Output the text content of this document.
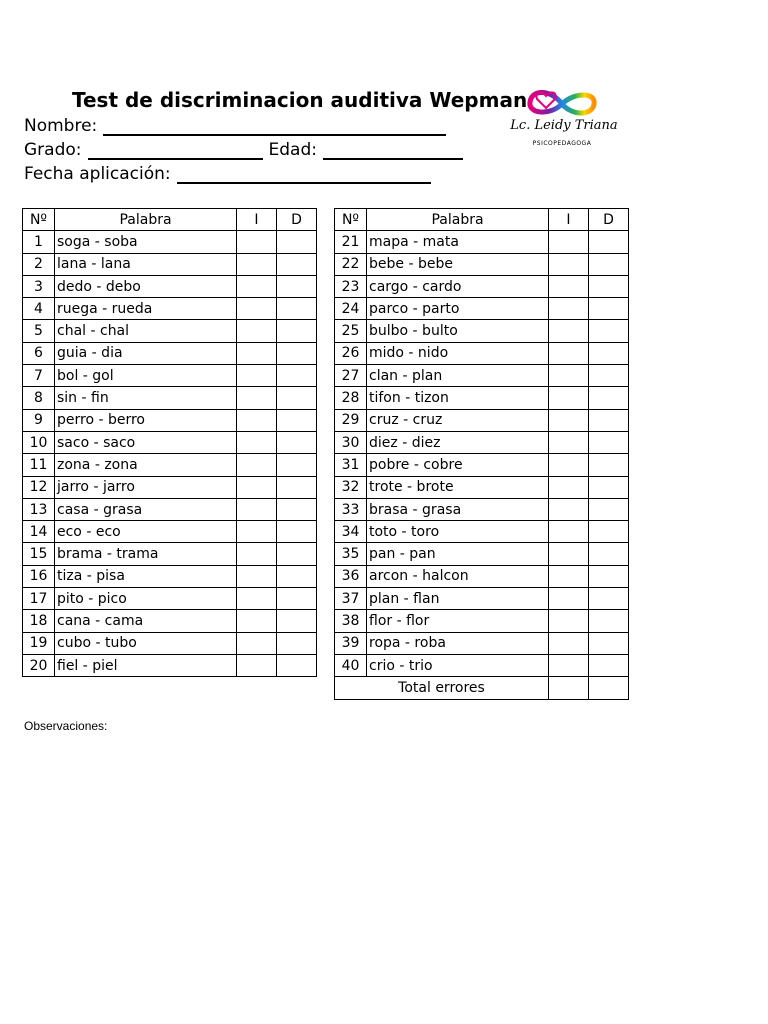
Test de discriminacion auditiva Wepman
Nombre:
Grado:	Edad:
Fecha aplicación:
Lc. Leidy Triana
PSICOPEDAGOGA
Nº	Palabra	I	D
1	soga - soba		
2	lana - lana		
3	dedo - debo		
4	ruega - rueda		
5	chal - chal		
6	guia - dia		
7	bol - gol		
8	sin - fin		
9	perro - berro		
10	saco - saco		
11	zona - zona		
12	jarro - jarro		
13	casa - grasa		
14	eco - eco		
15	brama - trama		
16	tiza - pisa		
17	pito - pico		
18	cana - cama		
19	cubo - tubo		
20	fiel - piel		
Nº	Palabra	I	D
21	mapa - mata		
22	bebe - bebe		
23	cargo - cardo		
24	parco - parto		
25	bulbo - bulto		
26	mido - nido		
27	clan - plan		
28	tifon - tizon		
29	cruz - cruz		
30	diez - diez		
31	pobre - cobre		
32	trote - brote		
33	brasa - grasa		
34	toto - toro		
35	pan - pan		
36	arcon - halcon		
37	plan - flan		
38	flor - flor		
39	ropa - roba		
40	crio - trio		
Total errores			
Observaciones:
